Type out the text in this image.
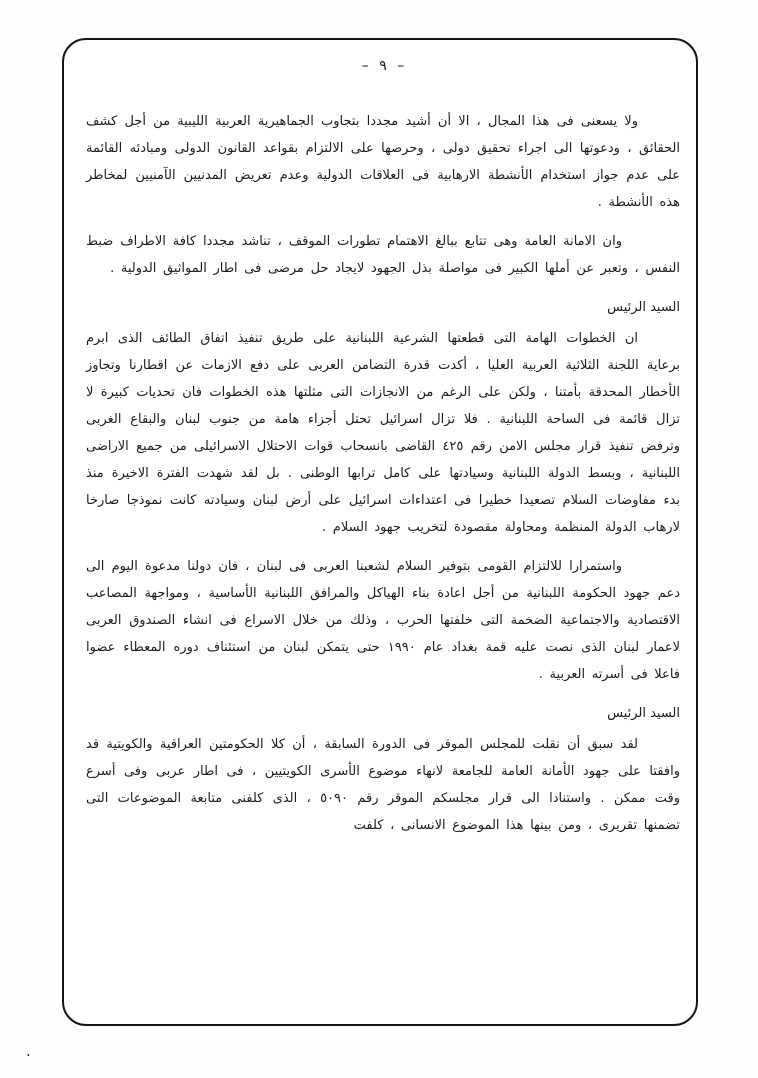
– ٩ –

ولا يسعنى فى هذا المجال ، الا أن أشيد مجددا بتجاوب الجماهيرية العربية الليبية من أجل كشف الحقائق ، ودعوتها الى اجراء تحقيق دولى ، وحرصها على الالتزام بقواعد القانون الدولى ومبادئه القائمة على عدم جواز استخدام الأنشطة الارهابية فى العلاقات الدولية وعدم تعريض المدنيين الآمنيين لمخاطر هذه الأنشطة .

وان الامانة العامة وهى تتابع ببالغ الاهتمام تطورات الموقف ، تناشد مجددا كافة الاطراف ضبط النفس ، وتعبر عن أملها الكبير فى مواصلة بذل الجهود لايجاد حل مرضى فى اطار المواثيق الدولية .

السيد الرئيس

ان الخطوات الهامة التى قطعتها الشرعية اللبنانية على طريق تنفيذ اتفاق الطائف الذى ابرم برعاية اللجنة الثلاثية العربية العليا ، أكدت قدرة التضامن العربى على دفع الازمات عن اقطارنا وتجاوز الأخطار المحدقة بأمتنا ، ولكن على الرغم من الانجازات التى مثلتها هذه الخطوات فان تحديات كبيرة لا تزال قائمة فى الساحة اللبنانية . فلا تزال اسرائيل تحتل أجزاء هامة من جنوب لبنان والبقاع الغربى وترفض تنفيذ قرار مجلس الامن رقم ٤٢٥ القاضى بانسحاب قوات الاحتلال الاسرائيلى من جميع الاراضى اللبنانية ، وبسط الدولة اللبنانية وسيادتها على كامل ترابها الوطنى . بل لقد شهدت الفترة الاخيرة منذ بدء مفاوضات السلام تصعيدا خطيرا فى اعتداءات اسرائيل على أرض لبنان وسيادته كانت نموذجا صارخا لارهاب الدولة المنظمة ومحاولة مقصودة لتخريب جهود السلام .

واستمرارا للالتزام القومى بتوفير السلام لشعبنا العربى فى لبنان ، فان دولنا مدعوة اليوم الى دعم جهود الحكومة اللبنانية من أجل اعادة بناء الهياكل والمرافق اللبنانية الأساسية ، ومواجهة المصاعب الاقتصادية والاجتماعية الضخمة التى خلفتها الحرب ، وذلك من خلال الاسراع فى انشاء الصندوق العربى لاعمار لبنان الذى نصت عليه قمة بغداد عام ١٩٩٠ حتى يتمكن لبنان من استئناف دوره المعطاء عضوا فاعلا فى أسرته العربية .

السيد الرئيس

لقد سبق أن نقلت للمجلس الموقر فى الدورة السابقة ، أن كلا الحكومتين العراقية والكويتية قد وافقتا على جهود الأمانة العامة للجامعة لانهاء موضوع الأسرى الكويتيين ، فى اطار عربى وفى أسرع وقت ممكن . واستنادا الى قرار مجلسكم الموقر رقم ٥٠٩٠ ، الذى كلفنى متابعة الموضوعات التى تضمنها تقريرى ، ومن بينها هذا الموضوع الانسانى ، كلفت

.
